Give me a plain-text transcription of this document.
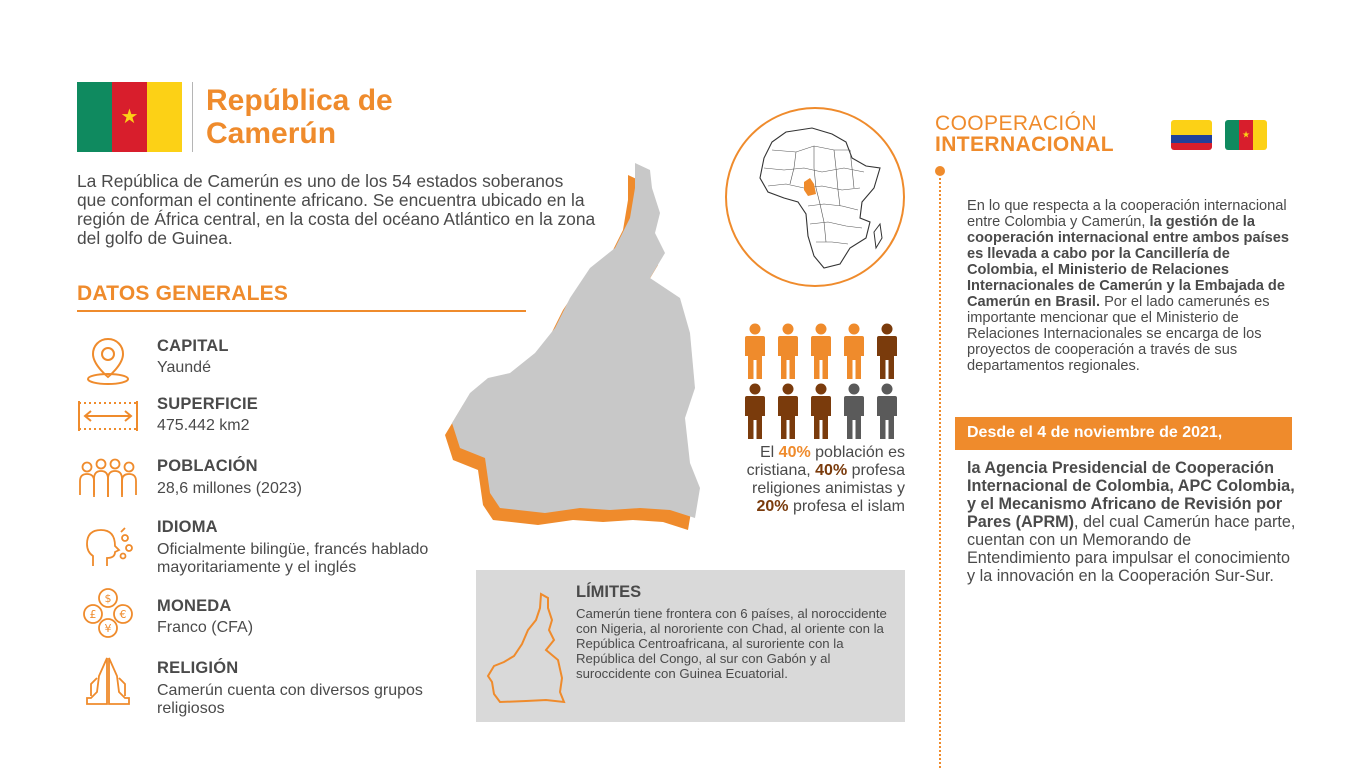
★ República de Camerún

La República de Camerún es uno de los 54 estados soberanos que conforman el continente africano. Se encuentra ubicado en la región de África central, en la costa del océano Atlántico en la zona del golfo de Guinea.

DATOS GENERALES
CAPITAL
Yaundé
SUPERFICIE
475.442 km2
POBLACIÓN
28,6 millones (2023)
IDIOMA
Oficialmente bilingüe, francés hablado mayoritariamente y el inglés
$
£ €
¥
MONEDA
Franco (CFA)
RELIGIÓN
Camerún cuenta con diversos grupos religiosos
El 40% población es cristiana, 40% profesa religiones animistas y 20% profesa el islam
LÍMITES

Camerún tiene frontera con 6 países, al noroccidente con Nigeria, al nororiente con Chad, al oriente con la República Centroafricana, al suroriente con la República del Congo, al sur con Gabón y al suroccidente con Guinea Ecuatorial.

COOPERACIÓN
INTERNACIONAL	★

En lo que respecta a la cooperación internacional entre Colombia y Camerún, la gestión de la cooperación internacional entre ambos países es llevada a cabo por la Cancillería de Colombia, el Ministerio de Relaciones Internacionales de Camerún y la Embajada de Camerún en Brasil. Por el lado camerunés es importante mencionar que el Ministerio de Relaciones Internacionales se encarga de los proyectos de cooperación a través de sus departamentos regionales.

Desde el 4 de noviembre de 2021,

la Agencia Presidencial de Cooperación Internacional de Colombia, APC Colombia, y el Mecanismo Africano de Revisión por Pares (APRM), del cual Camerún hace parte, cuentan con un Memorando de Entendimiento para impulsar el conocimiento y la innovación en la Cooperación Sur-Sur.
